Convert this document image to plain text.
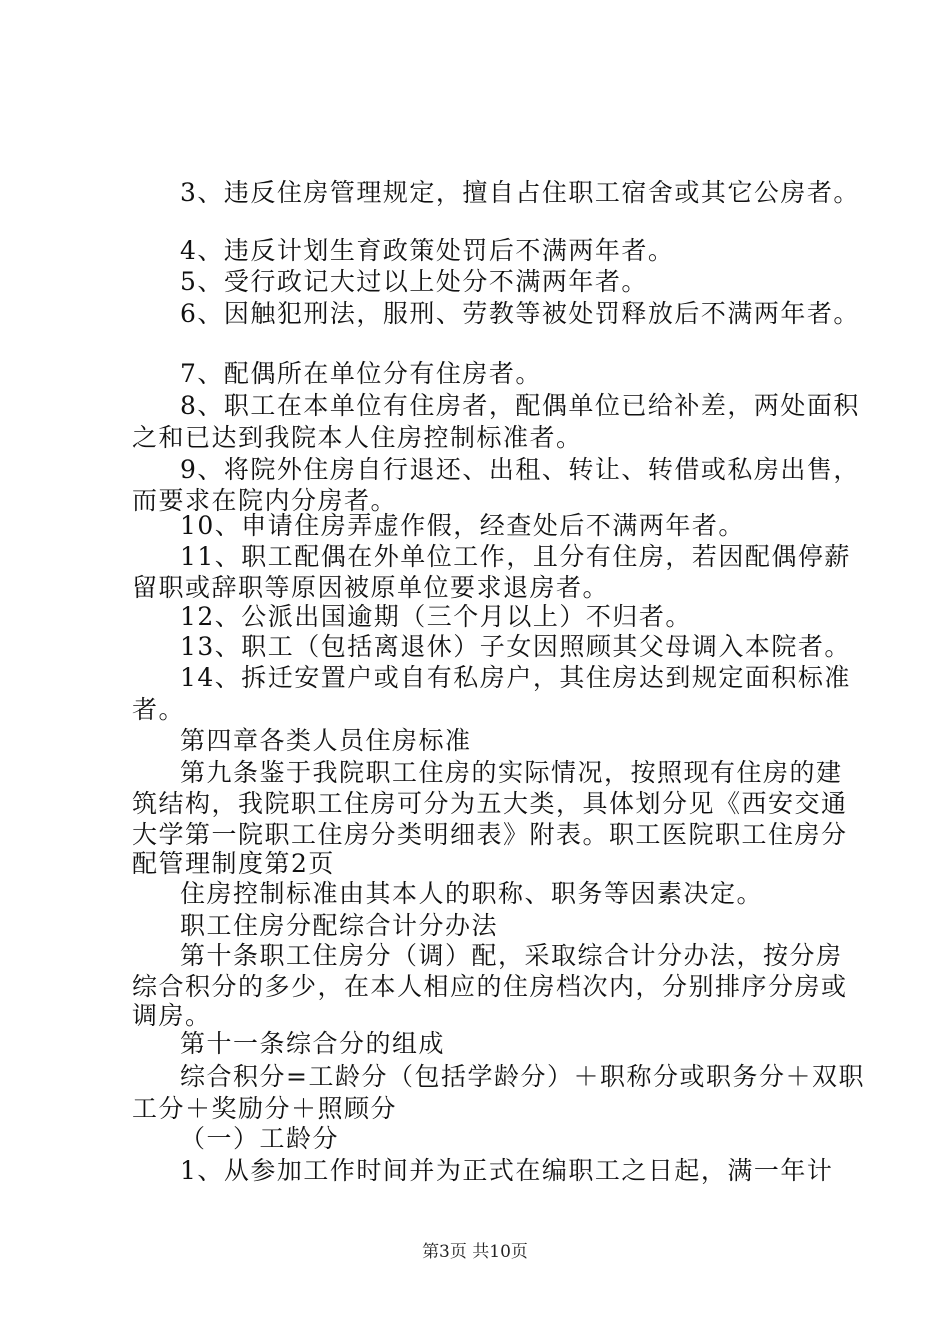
3、违反住房管理规定，擅自占住职工宿舍或其它公房者。
4、违反计划生育政策处罚后不满两年者。
5、受行政记大过以上处分不满两年者。
6、因触犯刑法，服刑、劳教等被处罚释放后不满两年者。
7、配偶所在单位分有住房者。
8、职工在本单位有住房者，配偶单位已给补差，两处面积
之和已达到我院本人住房控制标准者。
9、将院外住房自行退还、出租、转让、转借或私房出售，
而要求在院内分房者。
10、申请住房弄虚作假，经查处后不满两年者。
11、职工配偶在外单位工作，且分有住房，若因配偶停薪
留职或辞职等原因被原单位要求退房者。
12、公派出国逾期（三个月以上）不归者。
13、职工（包括离退休）子女因照顾其父母调入本院者。
14、拆迁安置户或自有私房户，其住房达到规定面积标准
者。
第四章各类人员住房标准
第九条鉴于我院职工住房的实际情况，按照现有住房的建
筑结构，我院职工住房可分为五大类，具体划分见《西安交通
大学第一院职工住房分类明细表》附表。职工医院职工住房分
配管理制度第2页
住房控制标准由其本人的职称、职务等因素决定。
职工住房分配综合计分办法
第十条职工住房分（调）配，采取综合计分办法，按分房
综合积分的多少，在本人相应的住房档次内，分别排序分房或
调房。
第十一条综合分的组成
综合积分=工龄分（包括学龄分）＋职称分或职务分＋双职
工分＋奖励分＋照顾分
（一）工龄分
1、从参加工作时间并为正式在编职工之日起，满一年计
第3页 共10页
